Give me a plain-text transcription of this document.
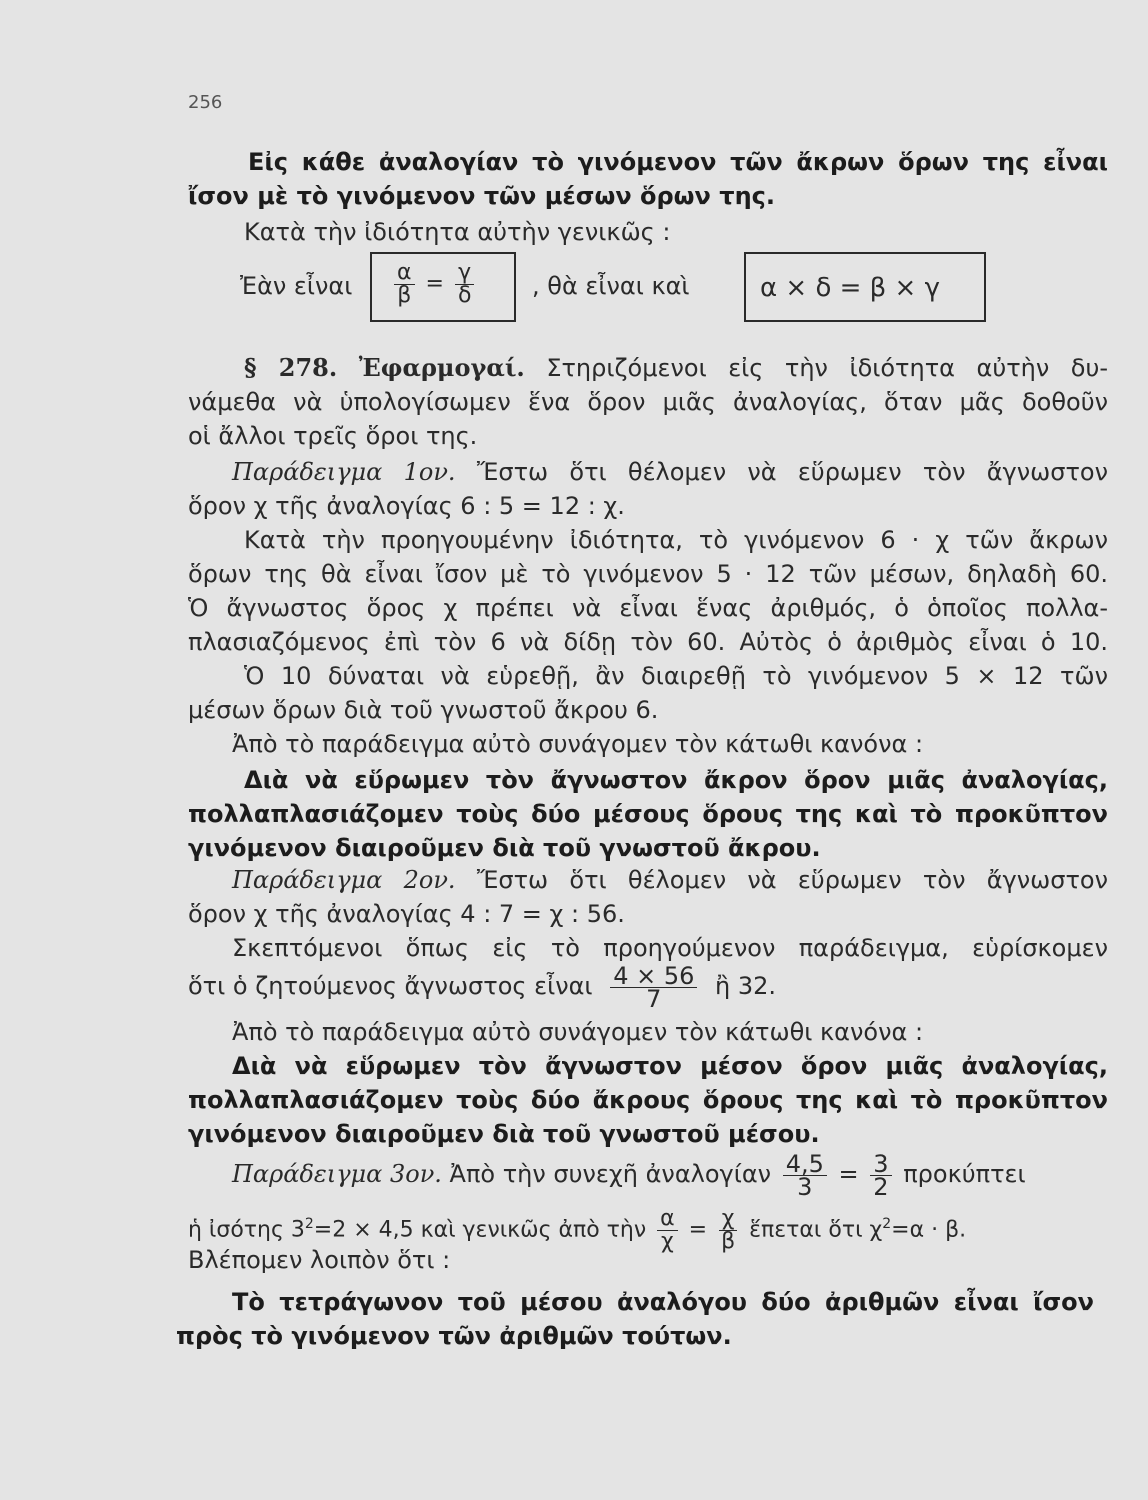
256
Εἰς κάθε ἀναλογίαν τὸ γινόμενον τῶν ἄκρων ὅρων της εἶναι
ἴσον μὲ τὸ γινόμενον τῶν μέσων ὅρων της.
Κατὰ τὴν ἰδιότητα αὐτὴν γενικῶς :
Ἐὰν εἶναι $\frac{\alpha}{\beta} = \frac{\gamma}{\delta}$ , θὰ εἶναι καὶ	α × δ = β × γ
§ 278. Ἐφαρμογαί. Στηριζόμενοι εἰς τὴν ἰδιότητα αὐτὴν δυ-
νάμεθα νὰ ὑπολογίσωμεν ἕνα ὅρον μιᾶς ἀναλογίας, ὅταν μᾶς δοθοῦν
οἱ ἄλλοι τρεῖς ὅροι της.
Παράδειγμα 1ον. Ἔστω ὅτι θέλομεν νὰ εὕρωμεν τὸν ἄγνωστον
ὅρον χ τῆς ἀναλογίας 6 : 5 = 12 : χ.
Κατὰ τὴν προηγουμένην ἰδιότητα, τὸ γινόμενον 6 · χ τῶν ἄκρων
ὅρων της θὰ εἶναι ἴσον μὲ τὸ γινόμενον 5 · 12 τῶν μέσων, δηλαδὴ 60.
Ὁ ἄγνωστος ὅρος χ πρέπει νὰ εἶναι ἕνας ἀριθμός, ὁ ὁποῖος πολλα-
πλασιαζόμενος ἐπὶ τὸν 6 νὰ δίδῃ τὸν 60. Αὐτὸς ὁ ἀριθμὸς εἶναι ὁ 10.
Ὁ 10 δύναται νὰ εὑρεθῇ, ἂν διαιρεθῇ τὸ γινόμενον 5 × 12 τῶν
μέσων ὅρων διὰ τοῦ γνωστοῦ ἄκρου 6.
Ἀπὸ τὸ παράδειγμα αὐτὸ συνάγομεν τὸν κάτωθι κανόνα :
Διὰ νὰ εὕρωμεν τὸν ἄγνωστον ἄκρον ὅρον μιᾶς ἀναλογίας,
πολλαπλασιάζομεν τοὺς δύο μέσους ὅρους της καὶ τὸ προκῦπτον
γινόμενον διαιροῦμεν διὰ τοῦ γνωστοῦ ἄκρου.
Παράδειγμα 2ον. Ἔστω ὅτι θέλομεν νὰ εὕρωμεν τὸν ἄγνωστον
ὅρον χ τῆς ἀναλογίας 4 : 7 = χ : 56.
Σκεπτόμενοι ὅπως εἰς τὸ προηγούμενον παράδειγμα, εὑρίσκομεν
ὅτι ὁ ζητούμενος ἄγνωστος εἶναι $\frac{4 \times 56}{7}$ ἢ 32.
Ἀπὸ τὸ παράδειγμα αὐτὸ συνάγομεν τὸν κάτωθι κανόνα :
Διὰ νὰ εὕρωμεν τὸν ἄγνωστον μέσον ὅρον μιᾶς ἀναλογίας,
πολλαπλασιάζομεν τοὺς δύο ἄκρους ὅρους της καὶ τὸ προκῦπτον
γινόμενον διαιροῦμεν διὰ τοῦ γνωστοῦ μέσου.
Παράδειγμα 3ον. Ἀπὸ τὴν συνεχῆ ἀναλογίαν $\frac{4,5}{3} = \frac{3}{2}$ προκύπτει
ἡ ἰσότης $3^2=2 \times 4,5$ καὶ γενικῶς ἀπὸ τὴν $\frac{\alpha}{\chi} = \frac{\chi}{\beta}$ ἕπεται ὅτι $\chi^2=\alpha \cdot \beta$.
Βλέπομεν λοιπὸν ὅτι :
Τὸ τετράγωνον τοῦ μέσου ἀναλόγου δύο ἀριθμῶν εἶναι ἴσον
πρὸς τὸ γινόμενον τῶν ἀριθμῶν τούτων.
